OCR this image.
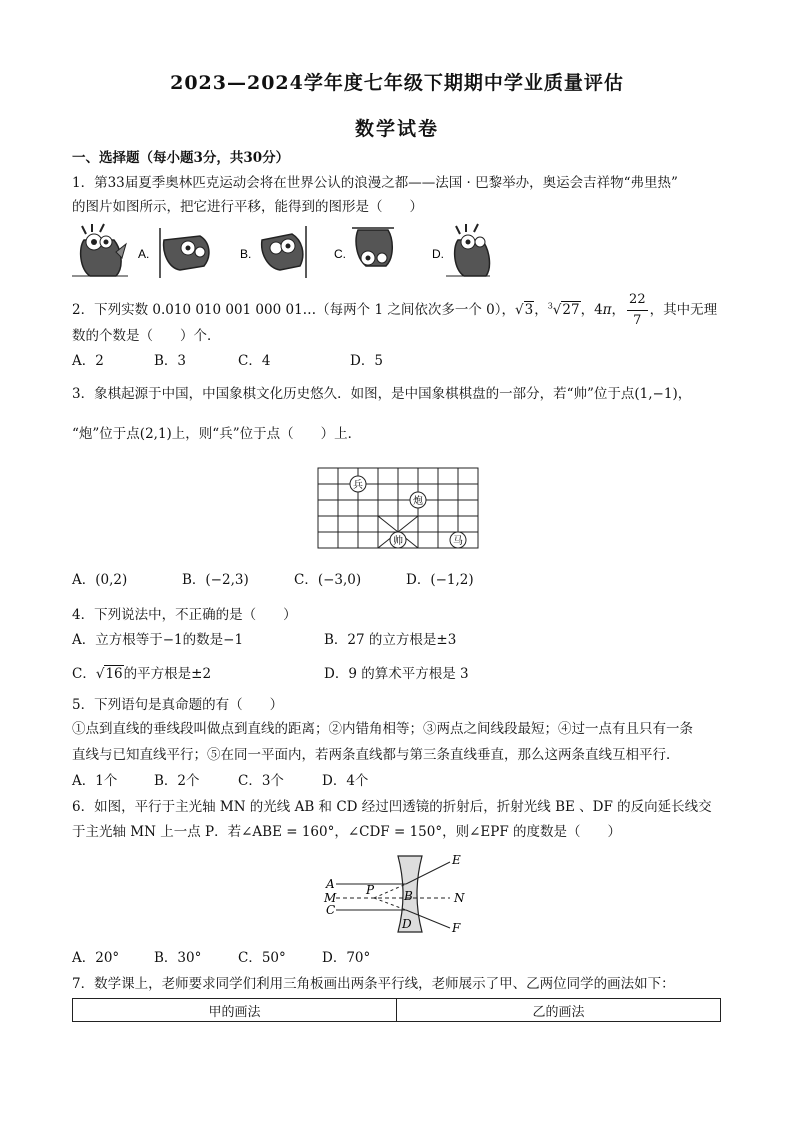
2023—2024学年度七年级下期期中学业质量评估
数学试卷
一、选择题（每小题3分，共30分）
1．第33届夏季奥林匹克运动会将在世界公认的浪漫之都——法国 · 巴黎举办，奥运会吉祥物“弗里热”
的图片如图所示，把它进行平移，能得到的图形是（　　）
A.	B.	C.	D.
2．下列实数 0.010 010 001 000 01…（每两个 1 之间依次多一个 0），√3，$^3$√27，4π， $\frac{22}{7}$ ，其中无理
数的个数是（　　）个．
A．2	B．3	C．4	D．5
3．象棋起源于中国，中国象棋文化历史悠久．如图，是中国象棋棋盘的一部分，若“帅”位于点(1,−1)，
“炮”位于点(2,1)上，则“兵”位于点（　　）上．
兵
炮
帅	马
A．(0,2)	B．(−2,3)	C．(−3,0)	D．(−1,2)
4．下列说法中，不正确的是（　　）
A．立方根等于−1的数是−1	B．27 的立方根是±3
C．√16的平方根是±2	D．9 的算术平方根是 3
5．下列语句是真命题的有（　　）
①点到直线的垂线段叫做点到直线的距离；②内错角相等；③两点之间线段最短；④过一点有且只有一条
直线与已知直线平行；⑤在同一平面内，若两条直线都与第三条直线垂直，那么这两条直线互相平行．
A．1个	B．2个	C．3个	D．4个
6．如图，平行于主光轴 MN 的光线 AB 和 CD 经过凹透镜的折射后，折射光线 BE 、DF 的反向延长线交
于主光轴 MN 上一点 P．若∠ABE = 160°，∠CDF = 150°，则∠EPF 的度数是（　　）
A
M
C
P B
D
E
N
F
A．20°	B．30°	C．50°	D．70°
7．数学课上，老师要求同学们利用三角板画出两条平行线，老师展示了甲、乙两位同学的画法如下：
甲的画法	乙的画法
